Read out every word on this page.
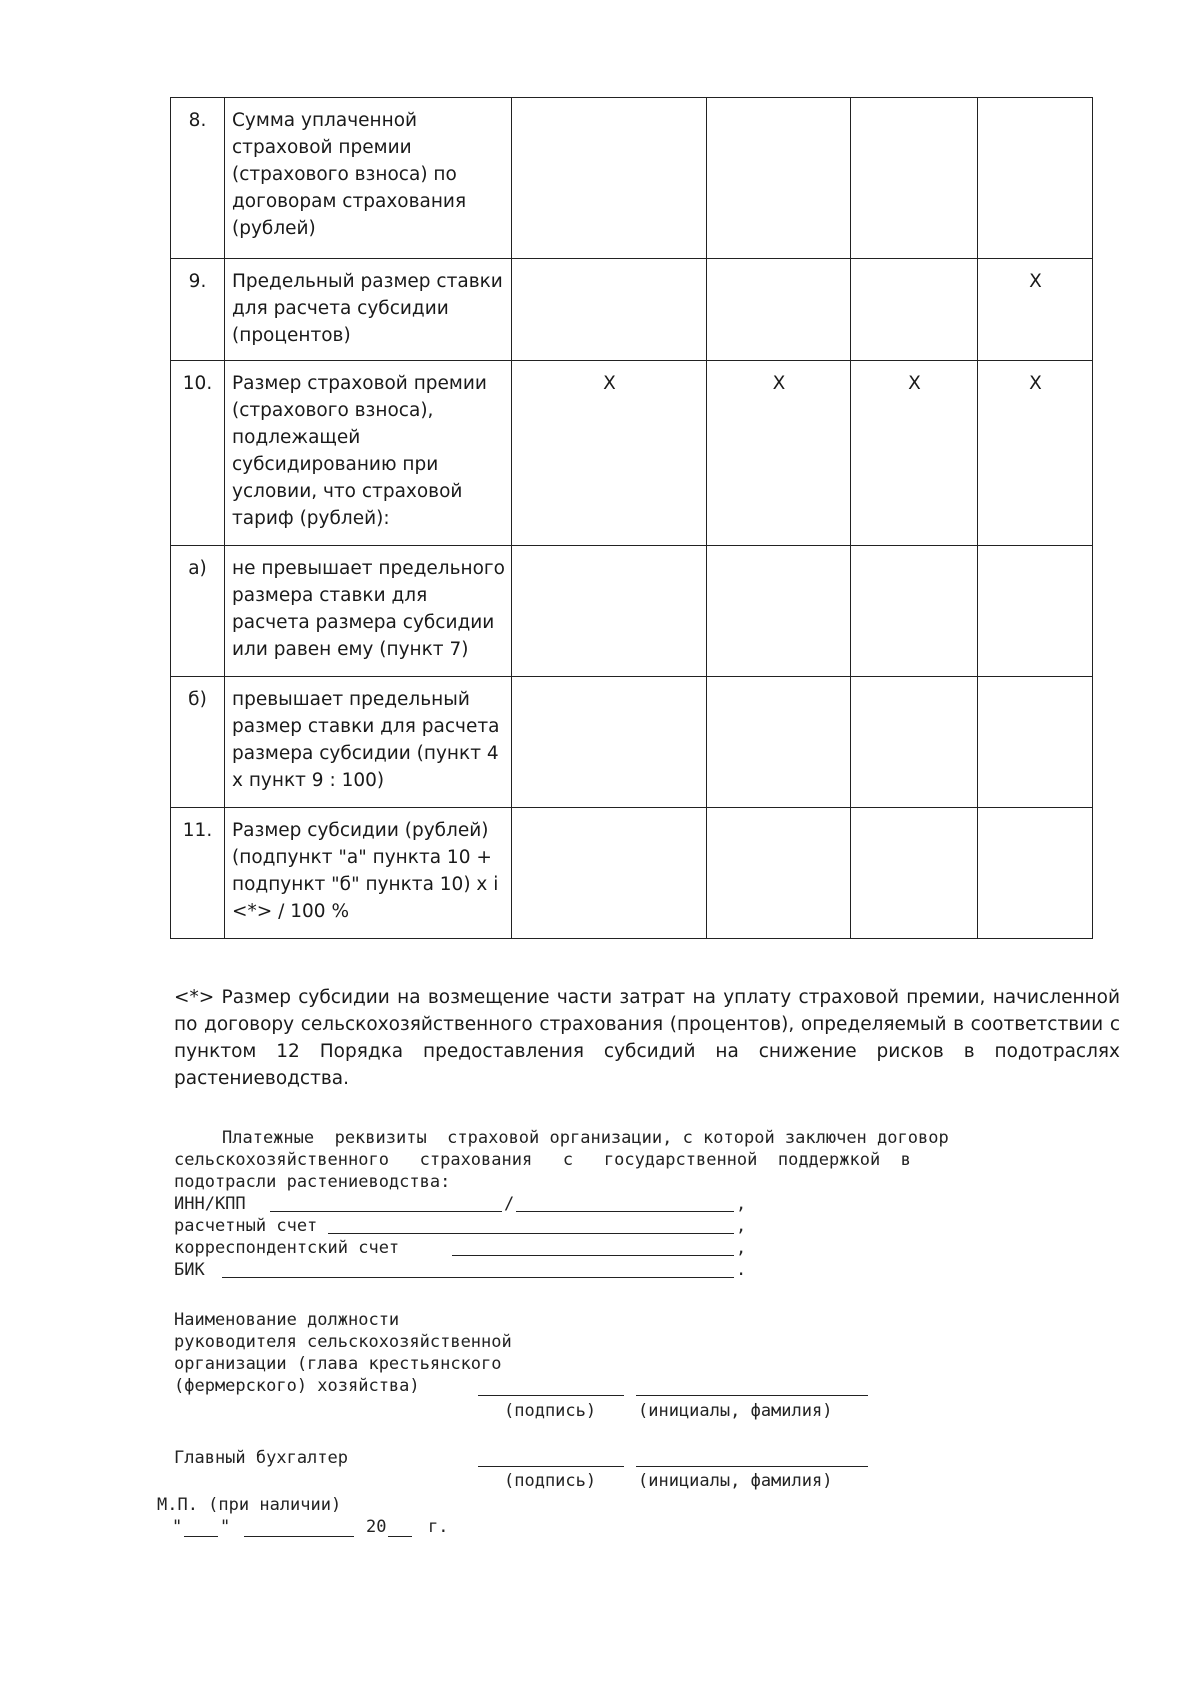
8.	Сумма уплаченной страховой премии (страхового взноса) по договорам страхования (рублей)				
9.	Предельный размер ставки для расчета субсидии (процентов)				Х
10.	Размер страховой премии (страхового взноса), подлежащей субсидированию при условии, что страховой тариф (рублей):	Х	Х	Х	Х
а)	не превышает предельного размера ставки для расчета размера субсидии или равен ему (пункт 7)				
б)	превышает предельный размер ставки для расчета размера субсидии (пункт 4 х пункт 9 : 100)				
11.	Размер субсидии (рублей) (подпункт "а" пункта 10 + подпункт "б" пункта 10) х i <*> / 100 %				

<*> Размер субсидии на возмещение части затрат на уплату страховой премии, начисленной по договору сельскохозяйственного страхования (процентов), определяемый в соответствии с пунктом 12 Порядка предоставления субсидий на снижение рисков в подотраслях растениеводства.

Платежные  реквизиты  страховой организации, с которой заключен договор
сельскохозяйственного   страхования   с   государственной  поддержкой  в
подотрасли растениеводства:
ИНН/КПП	/	,
расчетный счет	,
корреспондентский счет	,
БИК	.
Наименование должности
руководителя сельскохозяйственной
организации (глава крестьянского
(фермерского) хозяйства)
(подпись) (инициалы, фамилия)
Главный бухгалтер
(подпись) (инициалы, фамилия)
М.П. (при наличии)
" "	20 г.
